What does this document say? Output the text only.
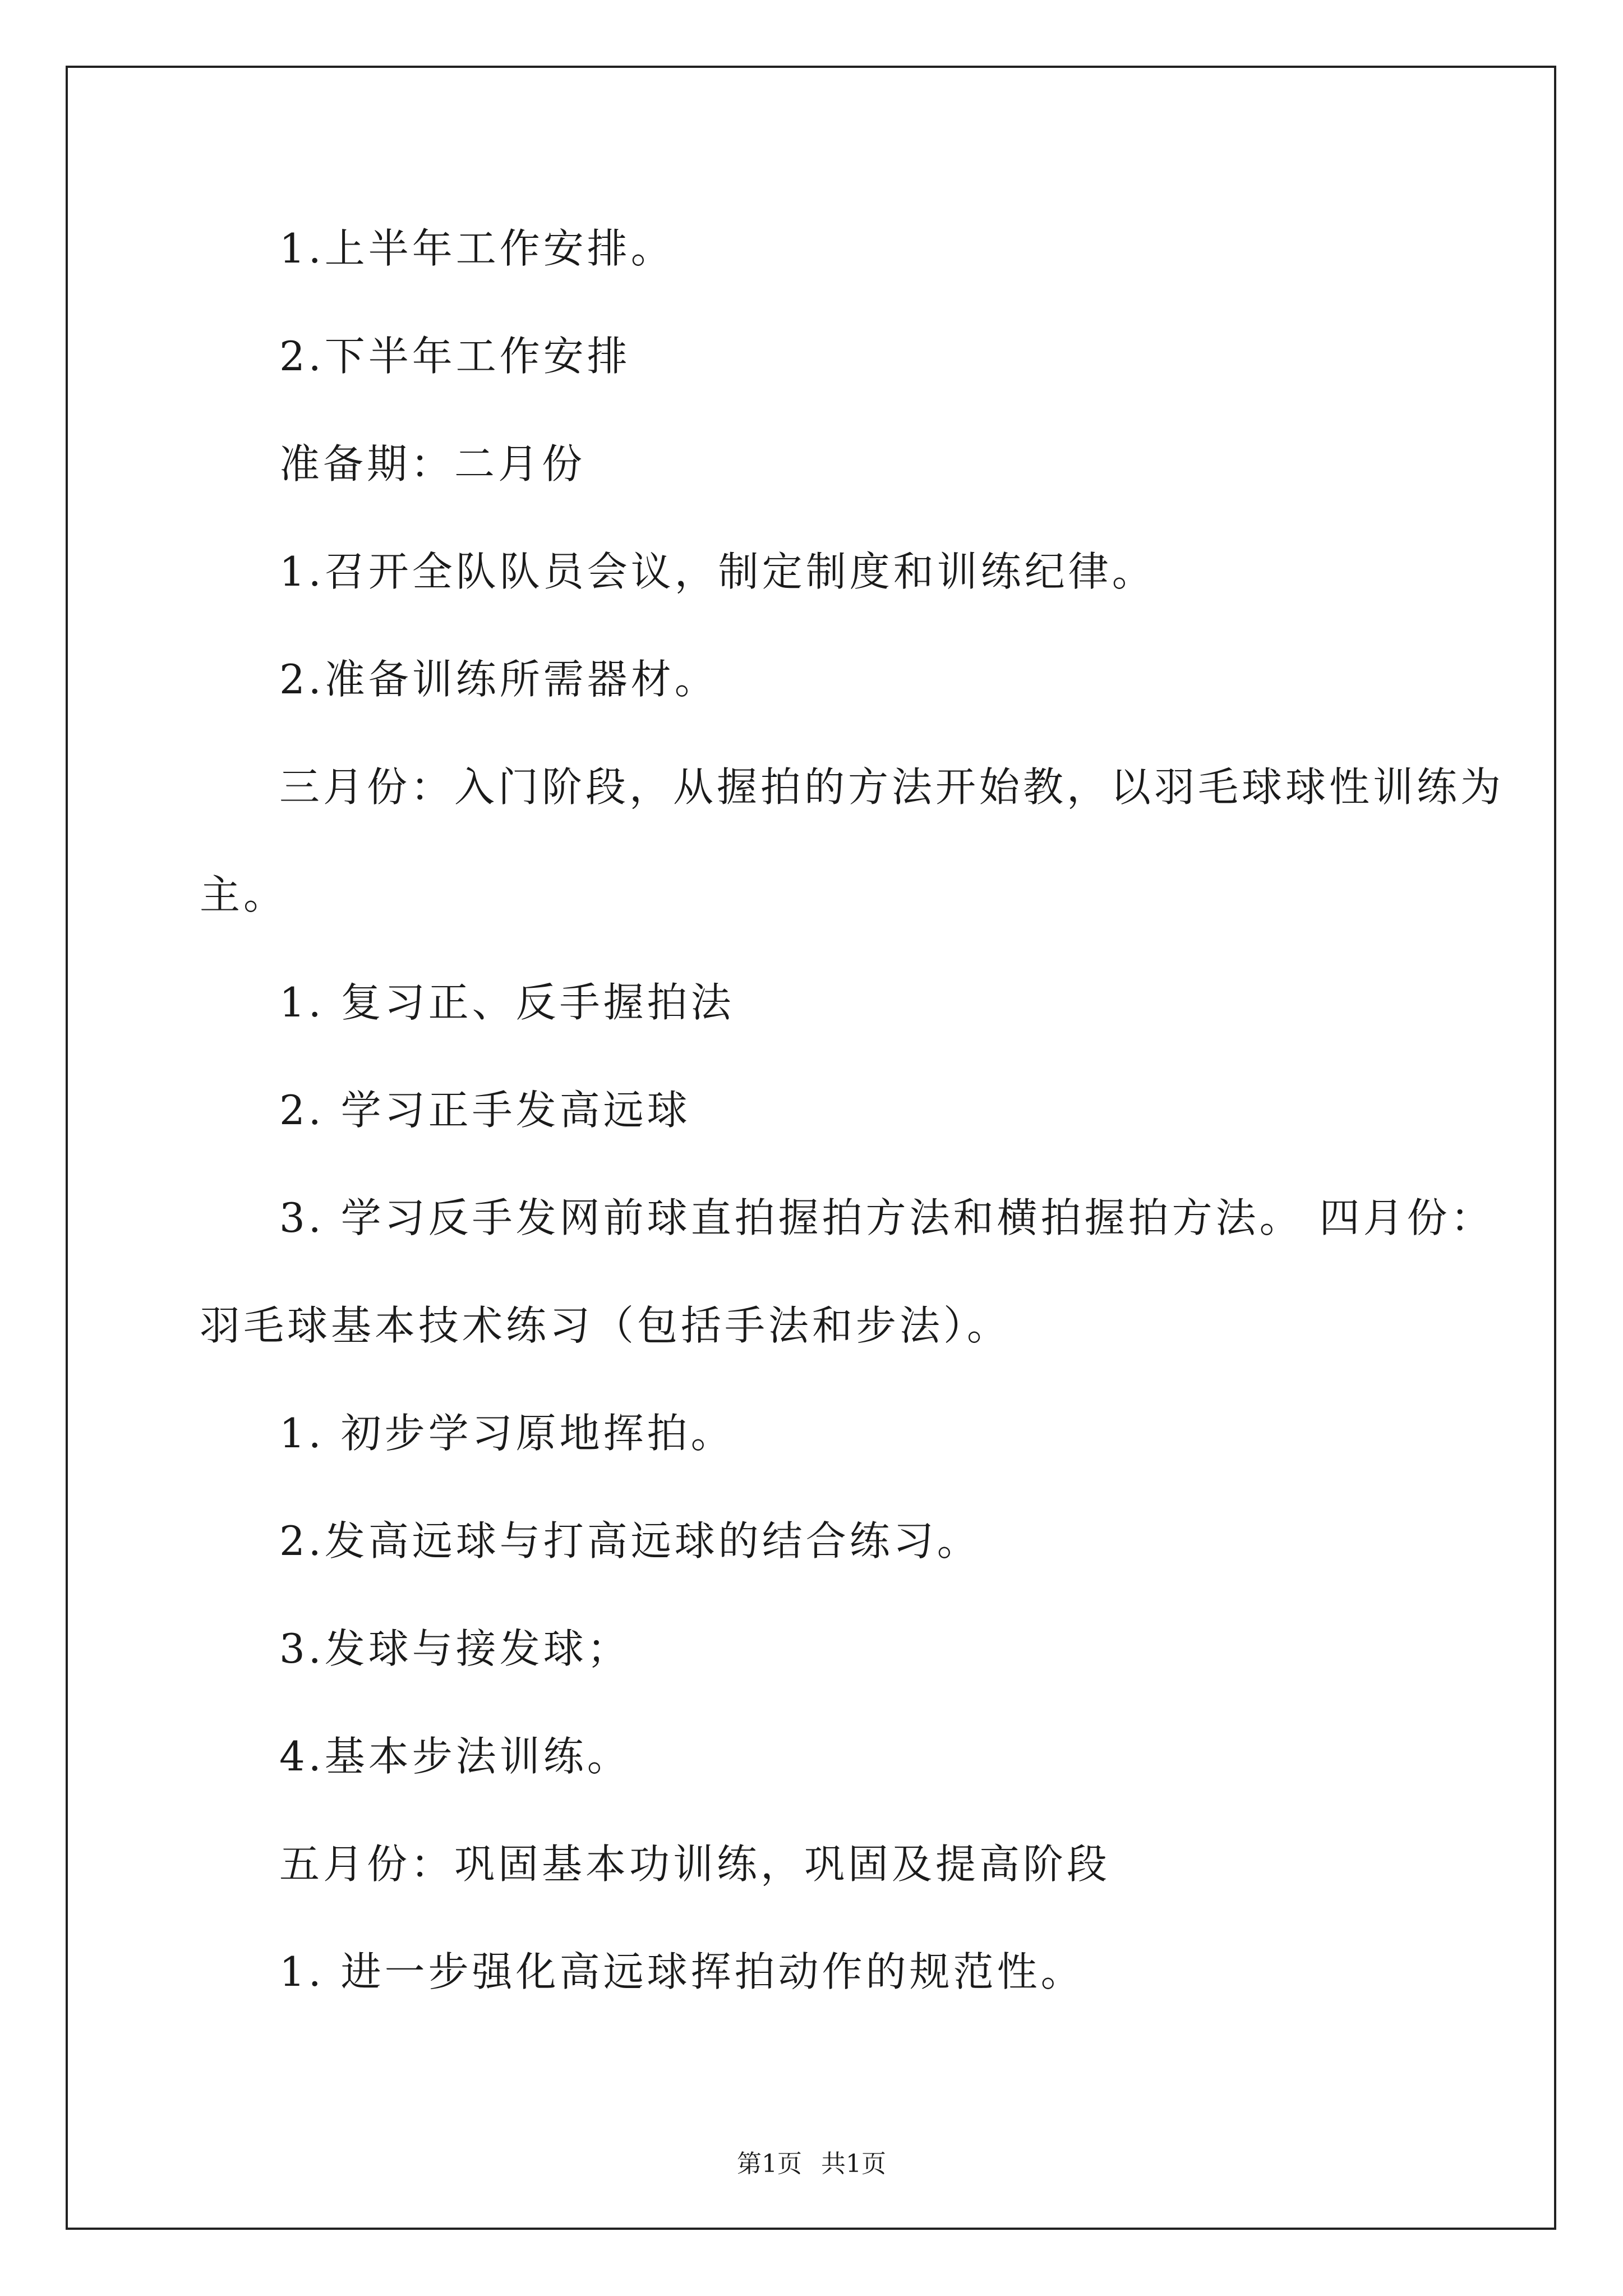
1.上半年工作安排。
2.下半年工作安排
准备期：二月份
1.召开全队队员会议，制定制度和训练纪律。
2.准备训练所需器材。
三月份：入门阶段，从握拍的方法开始教，以羽毛球球性训练为
主。
1. 复习正、反手握拍法
2. 学习正手发高远球
3. 学习反手发网前球直拍握拍方法和横拍握拍方法。 四月份：
羽毛球基本技术练习（包括手法和步法）。
1. 初步学习原地挥拍。
2.发高远球与打高远球的结合练习。
3.发球与接发球；
4.基本步法训练。
五月份：巩固基本功训练，巩固及提高阶段
1. 进一步强化高远球挥拍动作的规范性。
第1页 共1页
